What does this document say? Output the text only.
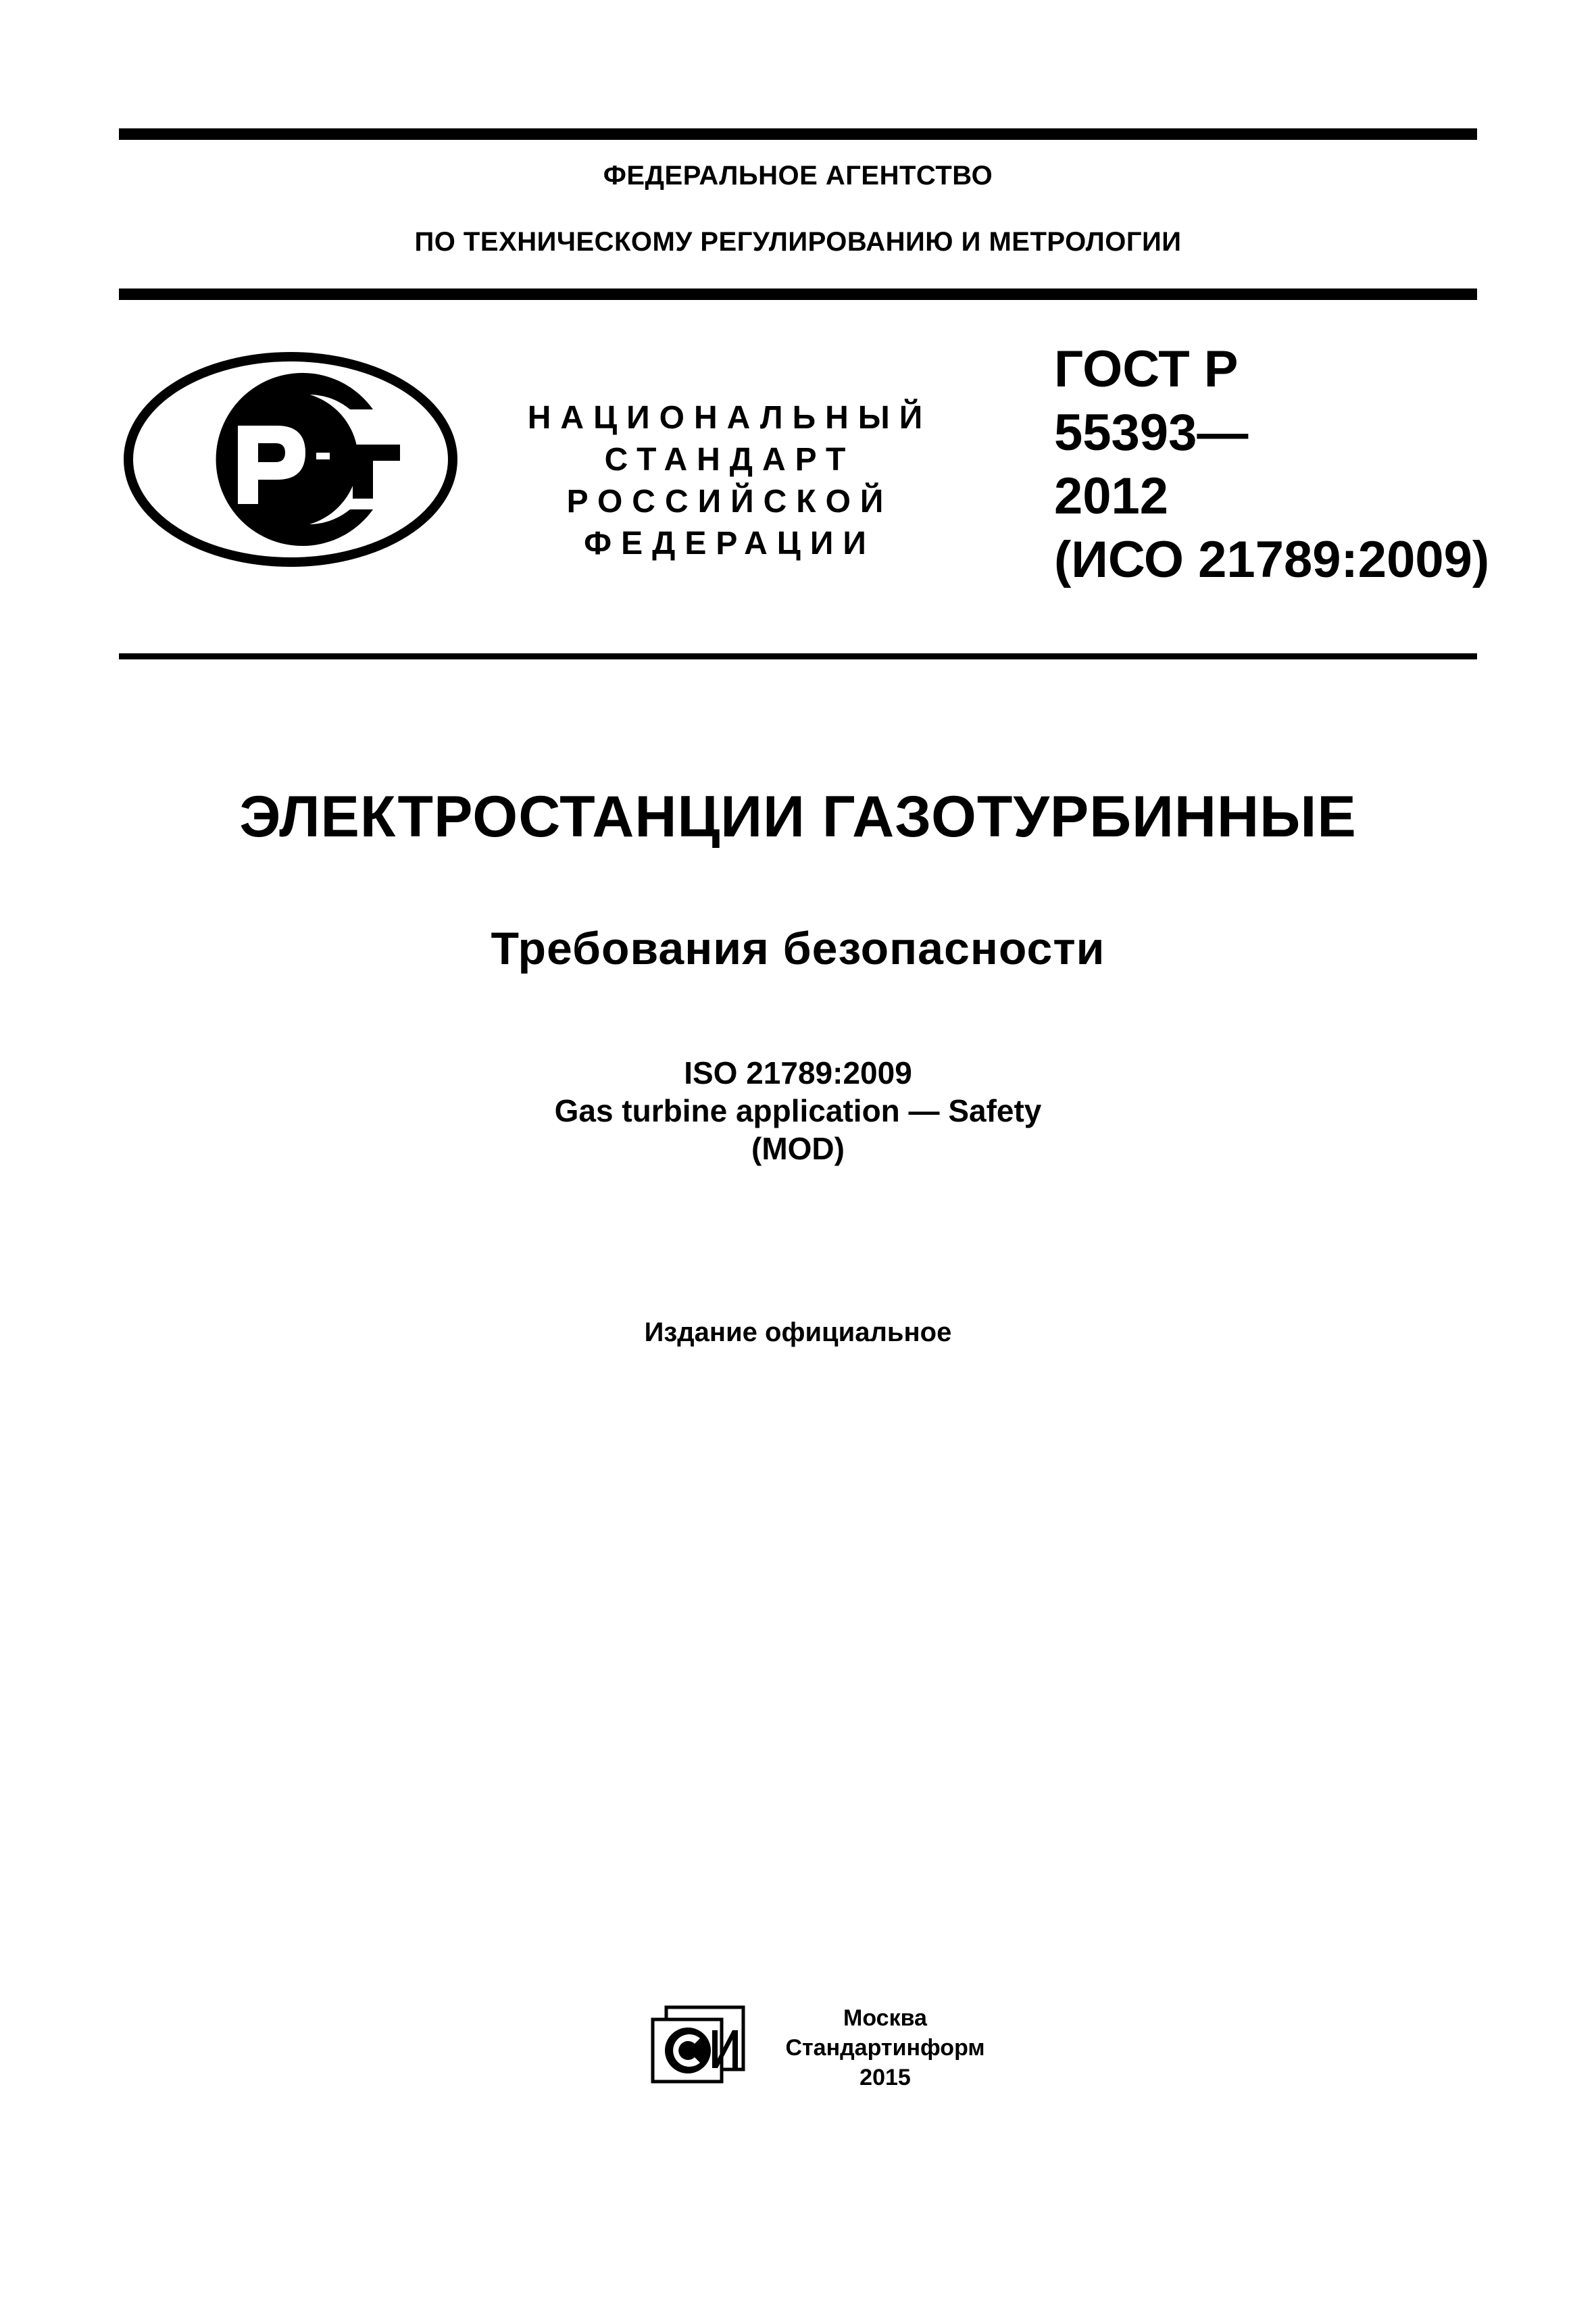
ФЕДЕРАЛЬНОЕ АГЕНТСТВО
ПО ТЕХНИЧЕСКОМУ РЕГУЛИРОВАНИЮ И МЕТРОЛОГИИ
НАЦИОНАЛЬНЫЙ
СТАНДАРТ
РОССИЙСКОЙ
ФЕДЕРАЦИИ
ГОСТ Р
55393—
2012
(ИСО 21789:2009)
ЭЛЕКТРОСТАНЦИИ ГАЗОТУРБИННЫЕ
Требования безопасности
ISO 21789:2009
Gas turbine application — Safety
(MOD)
Издание официальное
Москва
Стандартинформ
2015
